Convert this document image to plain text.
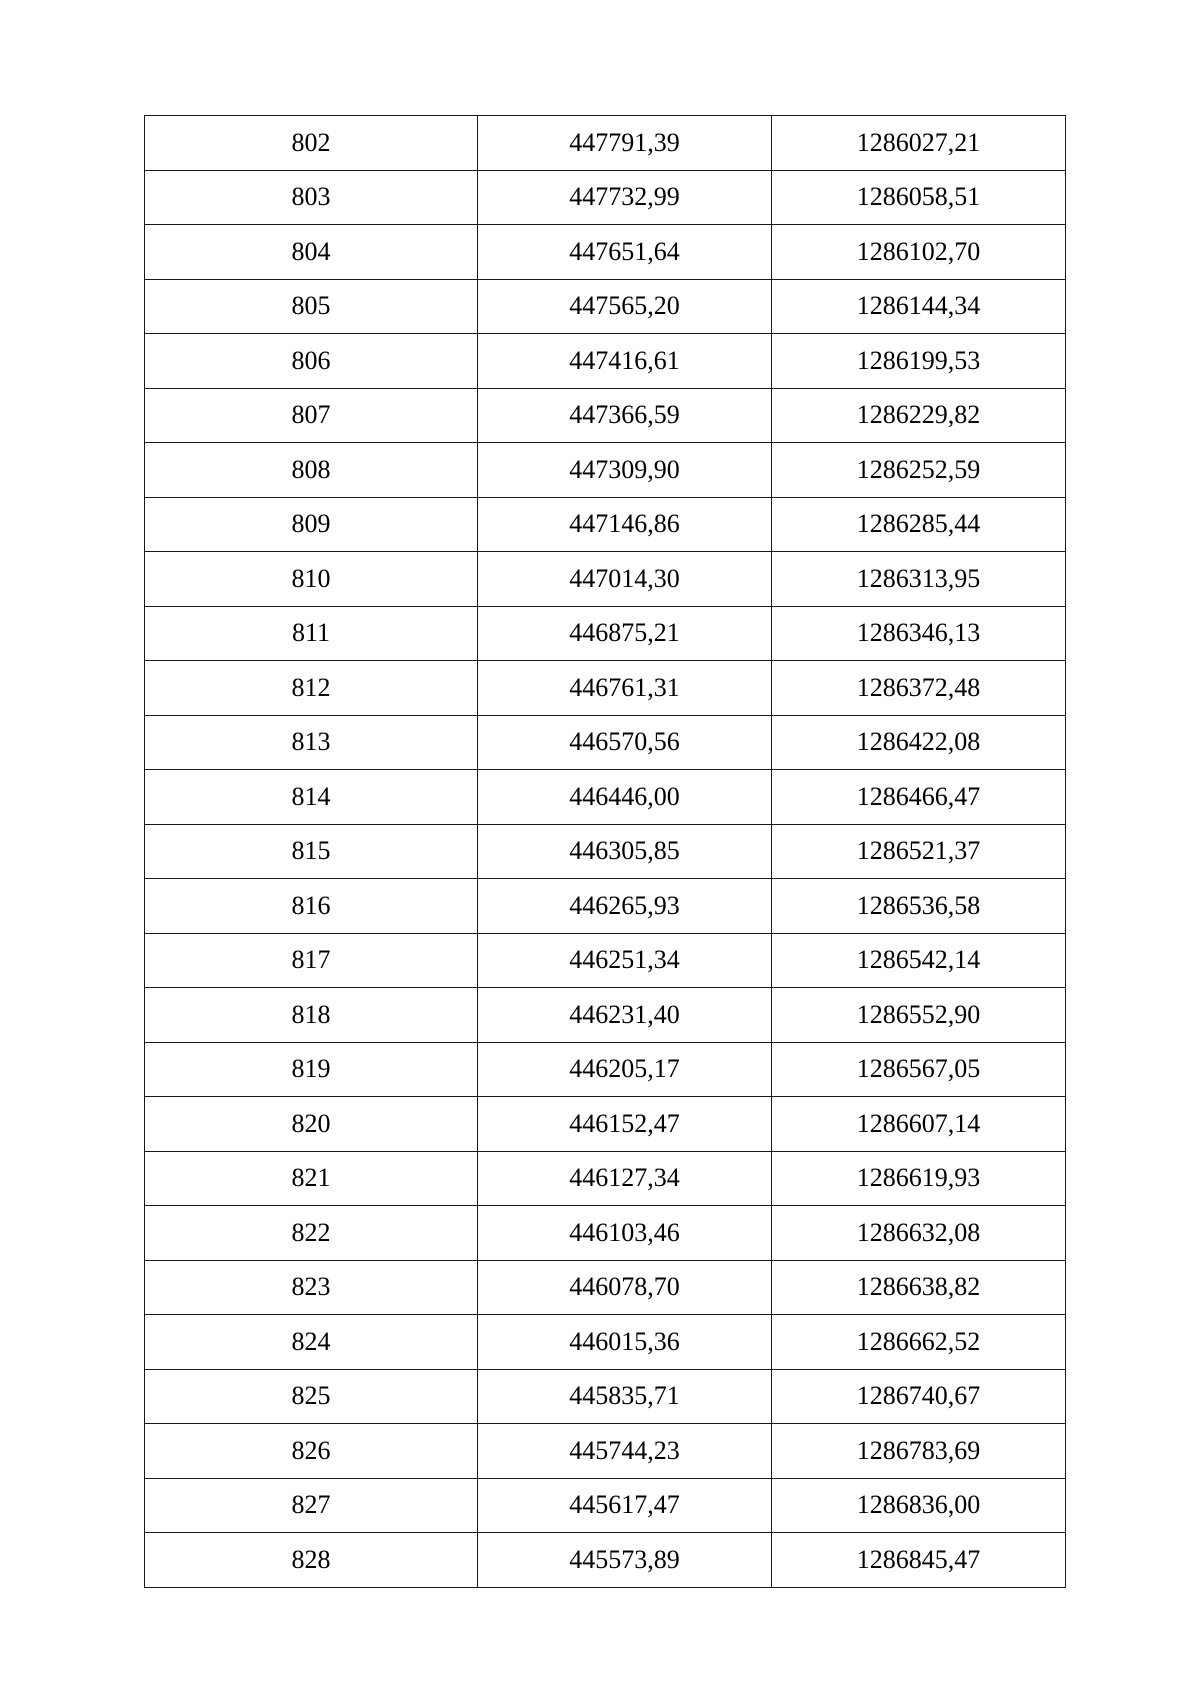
802	447791,39	1286027,21
803	447732,99	1286058,51
804	447651,64	1286102,70
805	447565,20	1286144,34
806	447416,61	1286199,53
807	447366,59	1286229,82
808	447309,90	1286252,59
809	447146,86	1286285,44
810	447014,30	1286313,95
811	446875,21	1286346,13
812	446761,31	1286372,48
813	446570,56	1286422,08
814	446446,00	1286466,47
815	446305,85	1286521,37
816	446265,93	1286536,58
817	446251,34	1286542,14
818	446231,40	1286552,90
819	446205,17	1286567,05
820	446152,47	1286607,14
821	446127,34	1286619,93
822	446103,46	1286632,08
823	446078,70	1286638,82
824	446015,36	1286662,52
825	445835,71	1286740,67
826	445744,23	1286783,69
827	445617,47	1286836,00
828	445573,89	1286845,47
